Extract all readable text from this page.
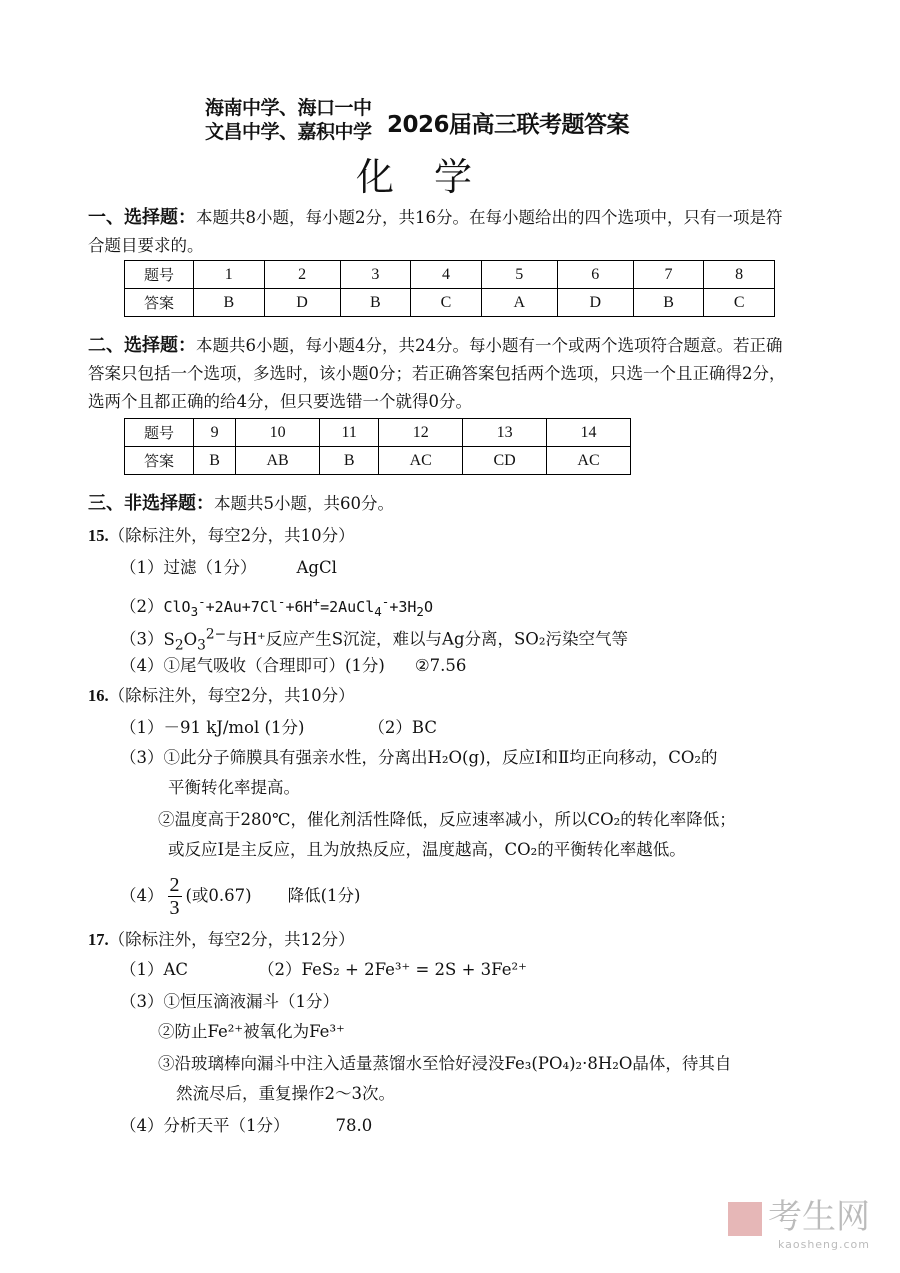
海南中学、海口一中
文昌中学、嘉积中学 2026届高三联考题答案
化学
一、选择题：本题共8小题，每小题2分，共16分。在每小题给出的四个选项中，只有一项是符合题目要求的。
题号	1	2	3	4	5	6	7	8
答案	B	D	B	C	A	D	B	C
二、选择题：本题共6小题，每小题4分，共24分。每小题有一个或两个选项符合题意。若正确答案只包括一个选项，多选时，该小题0分；若正确答案包括两个选项，只选一个且正确得2分，选两个且都正确的给4分，但只要选错一个就得0分。
题号	9	10	11	12	13	14
答案	B	AB	B	AC	CD	AC
三、非选择题：本题共5小题，共60分。
15.（除标注外，每空2分，共10分）
（1）过滤（1分） AgCl
$(2)ClO_3^-+2Au+7Cl^-+6H^+=2AuCl_4^-+3H_2O$
$(3)S_2O_3^{2-}$与H⁺反应产生S沉淀，难以与Ag分离，SO₂污染空气等
（4）①尾气吸收（合理即可）(1分) ②7.56
16.（除标注外，每空2分，共10分）
（1）－91 kJ/mol (1分)	（2）BC
（3）①此分子筛膜具有强亲水性，分离出H₂O(g)，反应Ⅰ和Ⅱ均正向移动，CO₂的
平衡转化率提高。
②温度高于280℃，催化剂活性降低，反应速率减小，所以CO₂的转化率降低；
或反应Ⅰ是主反应，且为放热反应，温度越高，CO₂的平衡转化率越低。
$(4) \frac{2}{3}$ (或0.67) 降低(1分)
17.（除标注外，每空2分，共12分）
（1）AC	（2）FeS₂ + 2Fe³⁺ = 2S + 3Fe²⁺
（3）①恒压滴液漏斗（1分）
②防止Fe²⁺被氧化为Fe³⁺
③沿玻璃棒向漏斗中注入适量蒸馏水至恰好浸没Fe₃(PO₄)₂·8H₂O晶体，待其自
然流尽后，重复操作2～3次。
（4）分析天平（1分）	78.0
考生网
kaosheng.com
